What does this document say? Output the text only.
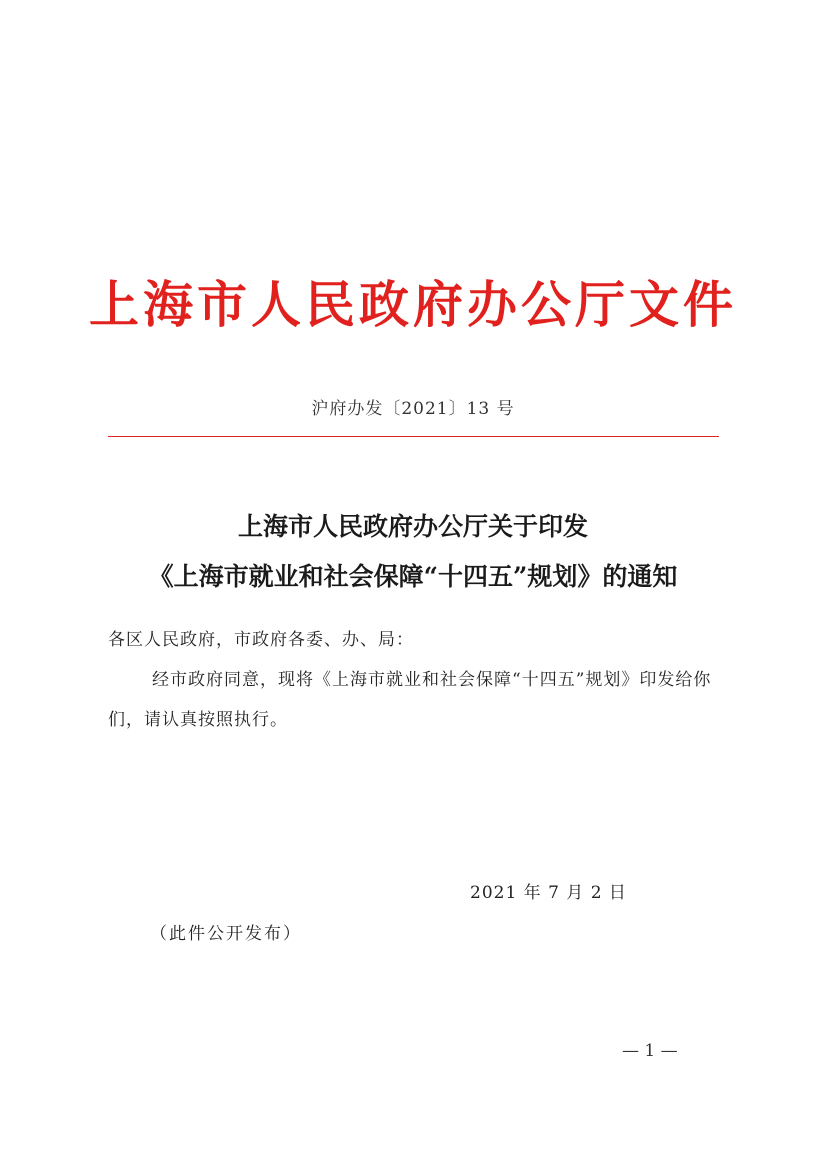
上海市人民政府办公厅文件
沪府办发〔2021〕13 号
上海市人民政府办公厅关于印发
《上海市就业和社会保障“十四五”规划》的通知
各区人民政府，市政府各委、办、局：
经市政府同意，现将《上海市就业和社会保障“十四五”规划》印发给你们，请认真按照执行。
2021 年 7 月 2 日
（此件公开发布）
— 1 —
